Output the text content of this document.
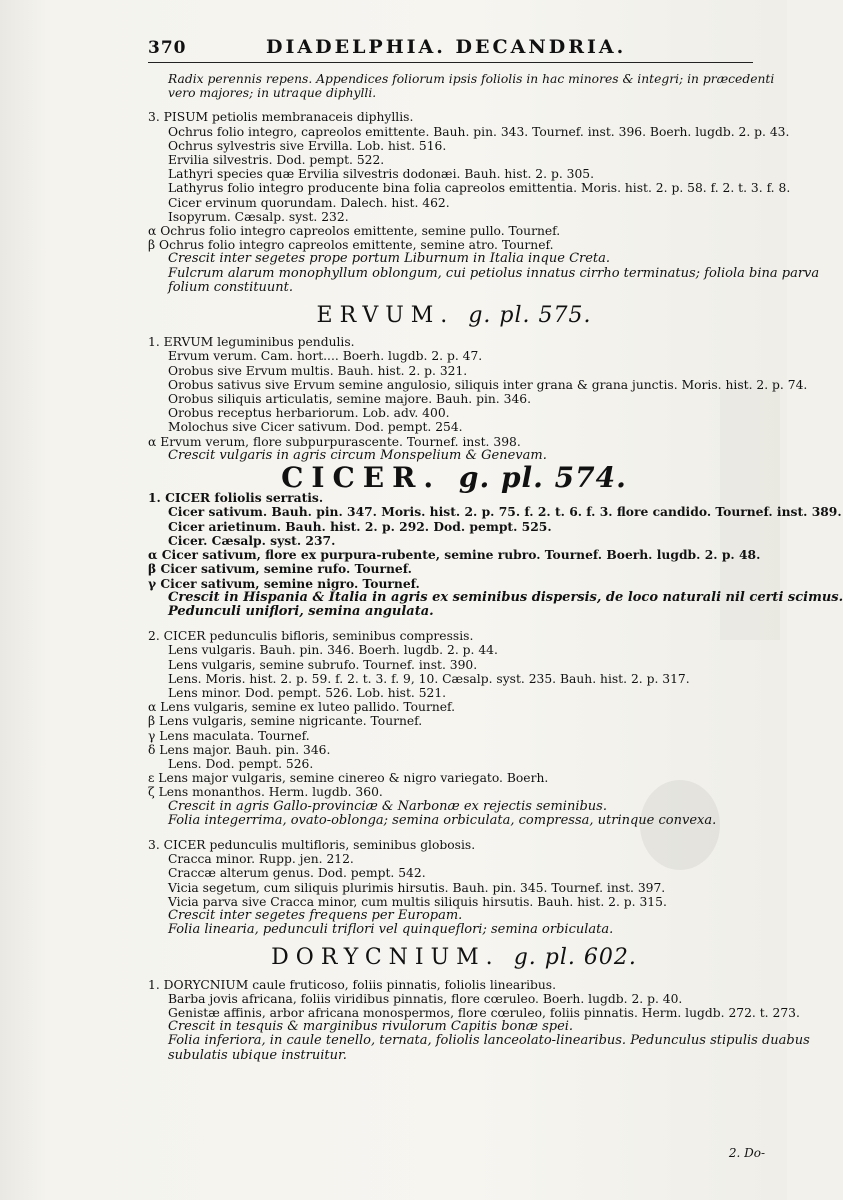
370	DIADELPHIA. DECANDRIA.
Radix perennis repens. Appendices foliorum ipsis foliolis in hac minores & integri; in præcedenti
vero majores; in utraque diphylli.
3. PISUM petiolis membranaceis diphyllis.
Ochrus folio integro, capreolos emittente. Bauh. pin. 343. Tournef. inst. 396. Boerh. lugdb. 2. p. 43.
Ochrus sylvestris sive Ervilla. Lob. hist. 516.
Ervilia silvestris. Dod. pempt. 522.
Lathyri species quæ Ervilia silvestris dodonæi. Bauh. hist. 2. p. 305.
Lathyrus folio integro producente bina folia capreolos emittentia. Moris. hist. 2. p. 58. f. 2. t. 3. f. 8.
Cicer ervinum quorundam. Dalech. hist. 462.
Isopyrum. Cæsalp. syst. 232.
α Ochrus folio integro capreolos emittente, semine pullo. Tournef.
β Ochrus folio integro capreolos emittente, semine atro. Tournef.
Crescit inter segetes prope portum Liburnum in Italia inque Creta.
Fulcrum alarum monophyllum oblongum, cui petiolus innatus cirrho terminatus; foliola bina parva
folium constituunt.
ERVUM. g. pl. 575.
1. ERVUM leguminibus pendulis.
Ervum verum. Cam. hort.... Boerh. lugdb. 2. p. 47.
Orobus sive Ervum multis. Bauh. hist. 2. p. 321.
Orobus sativus sive Ervum semine angulosio, siliquis inter grana & grana junctis. Moris. hist. 2. p. 74.
Orobus siliquis articulatis, semine majore. Bauh. pin. 346.
Orobus receptus herbariorum. Lob. adv. 400.
Molochus sive Cicer sativum. Dod. pempt. 254.
α Ervum verum, flore subpurpurascente. Tournef. inst. 398.
Crescit vulgaris in agris circum Monspelium & Genevam.
CICER. g. pl. 574.
1. CICER foliolis serratis.
Cicer sativum. Bauh. pin. 347. Moris. hist. 2. p. 75. f. 2. t. 6. f. 3. flore candido. Tournef. inst. 389.
Cicer arietinum. Bauh. hist. 2. p. 292. Dod. pempt. 525.
Cicer. Cæsalp. syst. 237.
α Cicer sativum, flore ex purpura-rubente, semine rubro. Tournef. Boerh. lugdb. 2. p. 48.
β Cicer sativum, semine rufo. Tournef.
γ Cicer sativum, semine nigro. Tournef.
Crescit in Hispania & Italia in agris ex seminibus dispersis, de loco naturali nil certi scimus.
Pedunculi uniflori, semina angulata.
2. CICER pedunculis bifloris, seminibus compressis.
Lens vulgaris. Bauh. pin. 346. Boerh. lugdb. 2. p. 44.
Lens vulgaris, semine subrufo. Tournef. inst. 390.
Lens. Moris. hist. 2. p. 59. f. 2. t. 3. f. 9, 10. Cæsalp. syst. 235. Bauh. hist. 2. p. 317.
Lens minor. Dod. pempt. 526. Lob. hist. 521.
α Lens vulgaris, semine ex luteo pallido. Tournef.
β Lens vulgaris, semine nigricante. Tournef.
γ Lens maculata. Tournef.
δ Lens major. Bauh. pin. 346.
Lens. Dod. pempt. 526.
ε Lens major vulgaris, semine cinereo & nigro variegato. Boerh.
ζ Lens monanthos. Herm. lugdb. 360.
Crescit in agris Gallo-provinciæ & Narbonæ ex rejectis seminibus.
Folia integerrima, ovato-oblonga; semina orbiculata, compressa, utrinque convexa.
3. CICER pedunculis multifloris, seminibus globosis.
Cracca minor. Rupp. jen. 212.
Craccæ alterum genus. Dod. pempt. 542.
Vicia segetum, cum siliquis plurimis hirsutis. Bauh. pin. 345. Tournef. inst. 397.
Vicia parva sive Cracca minor, cum multis siliquis hirsutis. Bauh. hist. 2. p. 315.
Crescit inter segetes frequens per Europam.
Folia linearia, pedunculi triflori vel quinqueflori; semina orbiculata.
DORYCNIUM. g. pl. 602.
1. DORYCNIUM caule fruticoso, foliis pinnatis, foliolis linearibus.
Barba jovis africana, foliis viridibus pinnatis, flore cœruleo. Boerh. lugdb. 2. p. 40.
Genistæ affinis, arbor africana monospermos, flore cœruleo, foliis pinnatis. Herm. lugdb. 272. t. 273.
Crescit in tesquis & marginibus rivulorum Capitis bonæ spei.
Folia inferiora, in caule tenello, ternata, foliolis lanceolato-linearibus. Pedunculus stipulis duabus
subulatis ubique instruitur.
2. Do-
